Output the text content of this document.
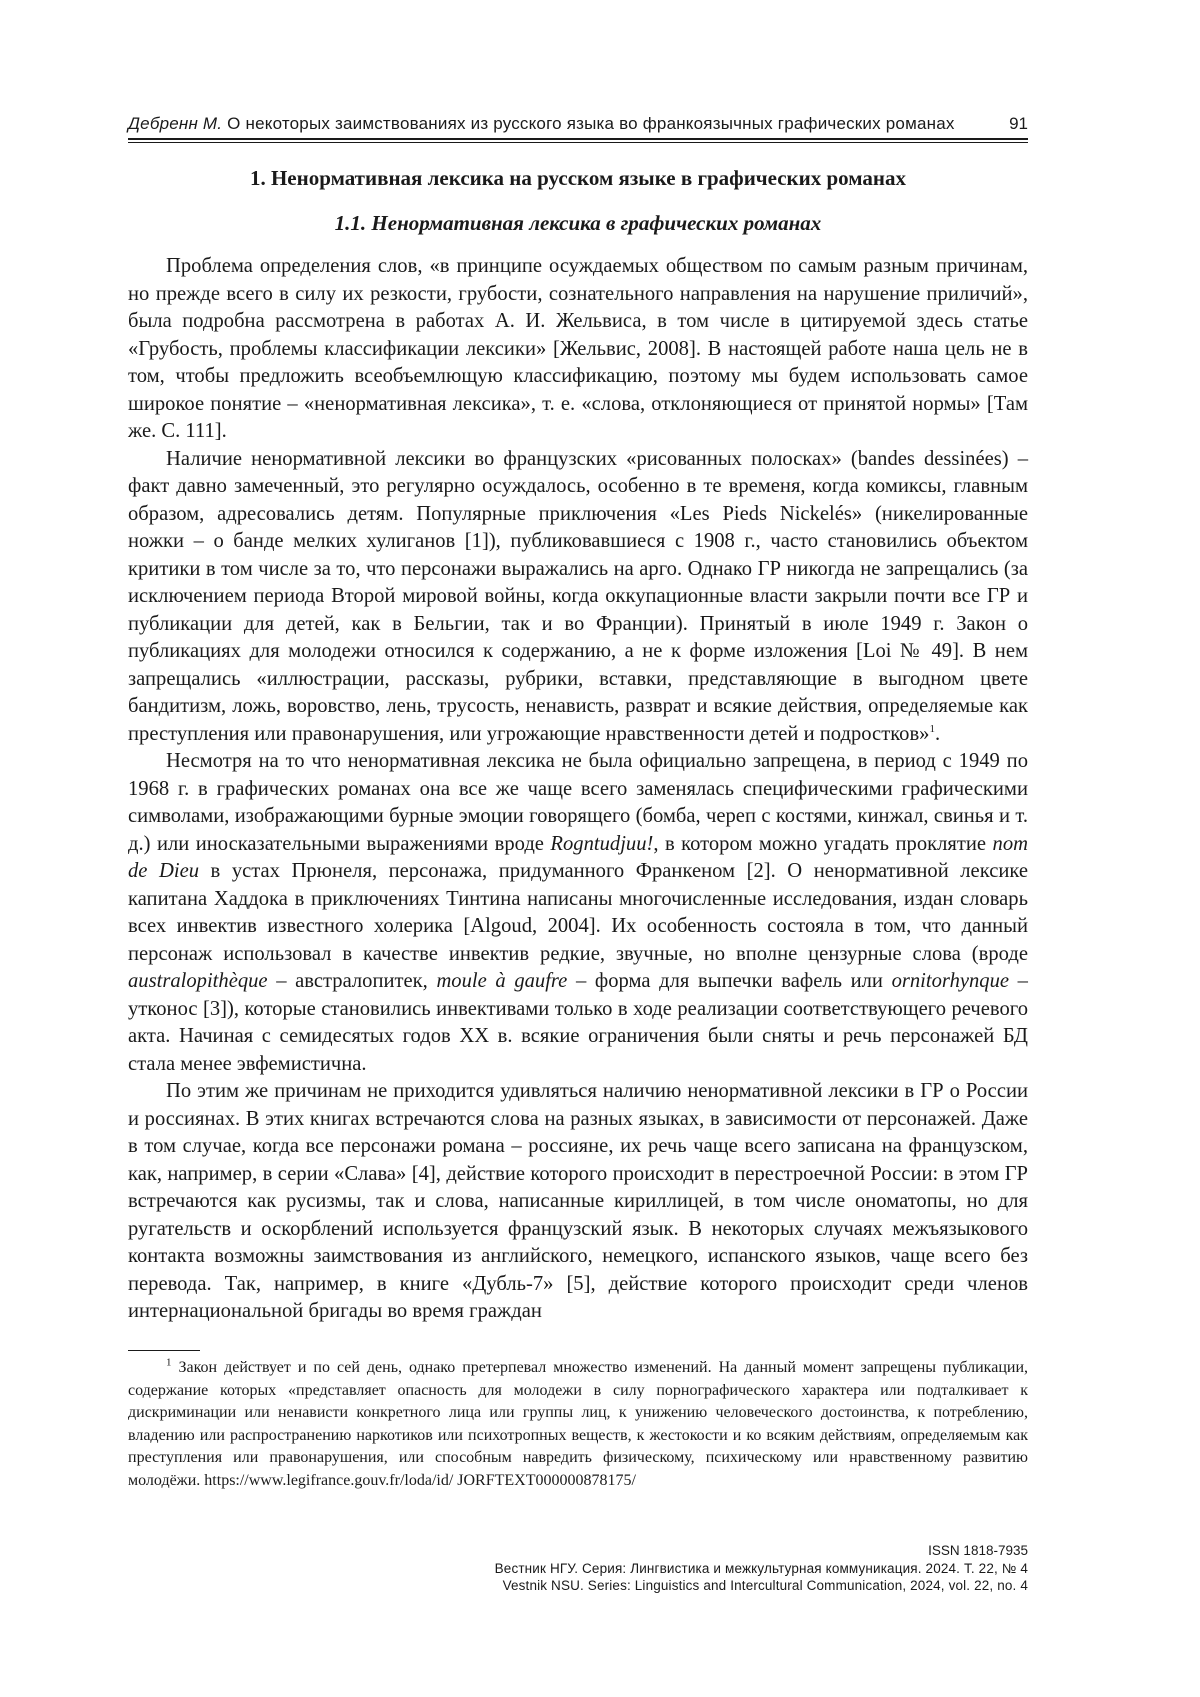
Дебренн М. О некоторых заимствованиях из русского языка во франкоязычных графических романах	91
1. Ненормативная лексика на русском языке в графических романах
1.1. Ненормативная лексика в графических романах

Проблема определения слов, «в принципе осуждаемых обществом по самым разным при­чинам, но прежде всего в силу их резкости, грубости, сознательного направления на нарушение приличий», была подробна рассмотрена в работах А. И. Жельвиса, в том числе в цитируемой здесь статье «Грубость, проблемы классификации лексики» [Жельвис, 2008]. В настоящей ра­боте наша цель не в том, чтобы предложить всеобъемлющую классификацию, поэтому мы бу­дем использовать самое широкое понятие – «ненормативная лексика», т. е. «слова, отклоняю­щиеся от принятой нормы» [Там же. С. 111].

Наличие ненормативной лексики во французских «рисованных полосках» (bandes dessinées) – факт давно замеченный, это регулярно осуждалось, особенно в те временя, ког­да комиксы, главным образом, адресовались детям. Популярные приключения «Les Pieds Nickelés» (никелированные ножки – о банде мелких хулиганов [1]), публиковавшиеся с 1908 г., часто становились объектом критики в том числе за то, что персонажи выражались на арго. Од­нако ГР никогда не запрещались (за исключением периода Второй мировой войны, когда окку­пационные власти закрыли почти все ГР и публикации для детей, как в Бельгии, так и во Фран­ции). Принятый в июле 1949 г. Закон о публикациях для молодежи относился к содержанию, а не к форме изложения [Loi № 49]. В нем запрещались «иллюстрации, рассказы, рубрики, вставки, представляющие в выгодном цвете бандитизм, ложь, воровство, лень, трусость, не­нависть, разврат и всякие действия, определяемые как преступления или правонарушения, или угрожающие нравственности детей и подростков»1.

Несмотря на то что ненормативная лексика не была официально запрещена, в период с 1949 по 1968 г. в графических романах она все же чаще всего заменялась специфическими графическими символами, изображающими бурные эмоции говорящего (бомба, череп с костя­ми, кинжал, свинья и т. д.) или иносказательными выражениями вроде Rogntudjuu!, в котором можно угадать проклятие nom de Dieu в устах Прюнеля, персонажа, придуманного Франкеном [2]. О ненормативной лексике капитана Хаддока в приключениях Тинтина написаны много­численные исследования, издан словарь всех инвектив известного холерика [Algoud, 2004]. Их особенность состояла в том, что данный персонаж использовал в качестве инвектив редкие, звучные, но вполне цензурные слова (вроде australopithèque – австралопитек, moule à gaufre – форма для выпечки вафель или ornitorhynque – утконос [3]), которые становились инвектива­ми только в ходе реализации соответствующего речевого акта. Начиная с семидесятых годов XX в. всякие ограничения были сняты и речь персонажей БД стала менее эвфемистична.

По этим же причинам не приходится удивляться наличию ненормативной лексики в ГР о России и россиянах. В этих книгах встречаются слова на разных языках, в зависимости от персонажей. Даже в том случае, когда все персонажи романа – россияне, их речь чаще всего записана на французском, как, например, в серии «Слава» [4], действие которого происходит в перестроечной России: в этом ГР встречаются как русизмы, так и слова, написанные кирил­лицей, в том числе ономатопы, но для ругательств и оскорблений используется французский язык. В некоторых случаях межъязыкового контакта возможны заимствования из английского, немецкого, испанского языков, чаще всего без перевода. Так, например, в книге «Дубль-7» [5], действие которого происходит среди членов интернациональной бригады во время граждан­

1 Закон действует и по сей день, однако претерпевал множество изменений. На данный момент запрещены публикации, содержание которых «представляет опасность для молодежи в силу порнографического характера или подталкивает к дискриминации или ненависти конкретного лица или группы лиц, к унижению человеческо­го достоинства, к потреблению, владению или распространению наркотиков или психотропных веществ, к же­стокости и ко всяким действиям, определяемым как преступления или правонарушения, или способным навре­дить физическому, психическому или нравственному развитию молодёжи. https://www.legifrance.gouv.fr/loda/id/ JORFTEXT000000878175/

ISSN 1818-7935
Вестник НГУ. Серия: Лингвистика и межкультурная коммуникация. 2024. Т. 22, № 4
Vestnik NSU. Series: Linguistics and Intercultural Communication, 2024, vol. 22, no. 4
